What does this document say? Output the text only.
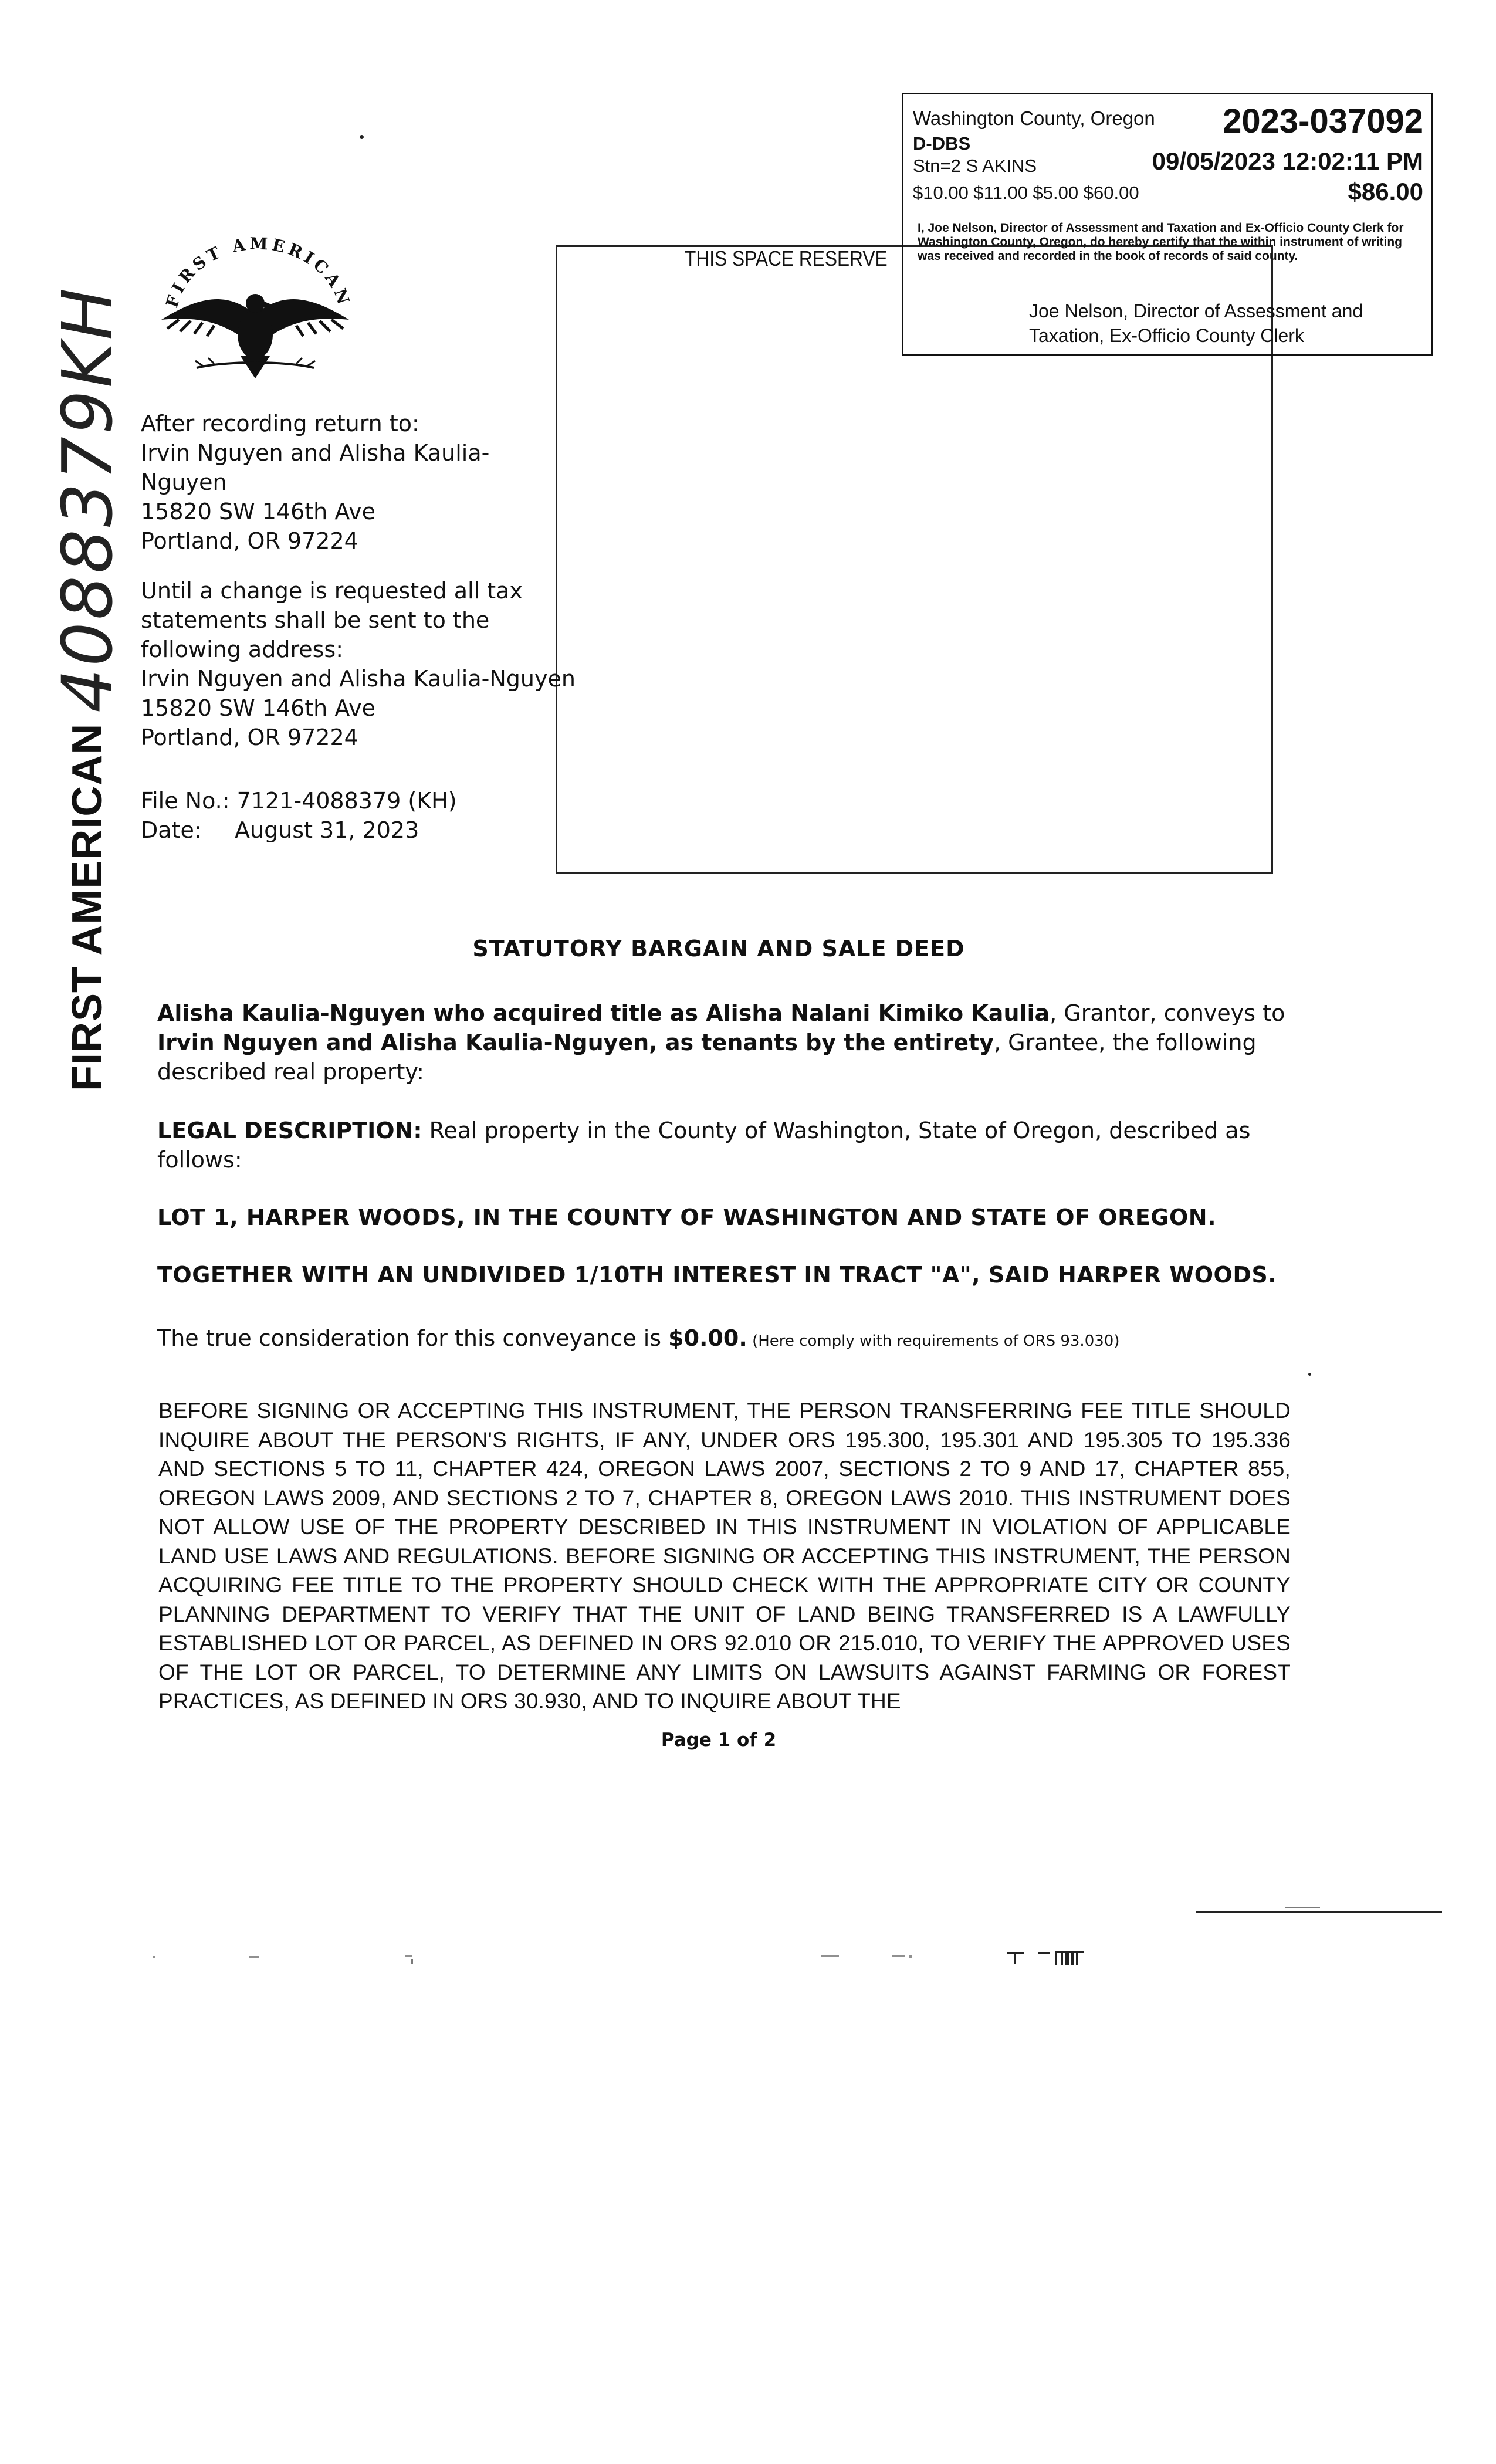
Washington County, Oregon 2023-037092
D-DBS
Stn=2 S AKINS	09/05/2023 12:02:11 PM
$10.00 $11.00 $5.00 $60.00	$86.00
I, Joe Nelson, Director of Assessment and Taxation and Ex-Officio County Clerk for Washington County, Oregon, do hereby certify that the within instrument of writing was received and recorded in the book of records of said county.
Joe Nelson, Director of Assessment and
Taxation, Ex-Officio County Clerk
THIS SPACE RESERVE
FIRST AMERICAN
FIRST AMERICAN4088379KH After recording return to:
Irvin Nguyen and Alisha Kaulia-
Nguyen
15820 SW 146th Ave
Portland, OR 97224
Until a change is requested all tax
statements shall be sent to the
following address:
Irvin Nguyen and Alisha Kaulia-Nguyen
15820 SW 146th Ave
Portland, OR 97224
File No.: 7121-4088379 (KH)
Date: August 31, 2023
STATUTORY BARGAIN AND SALE DEED
Alisha Kaulia-Nguyen who acquired title as Alisha Nalani Kimiko Kaulia, Grantor, conveys to Irvin Nguyen and Alisha Kaulia-Nguyen, as tenants by the entirety, Grantee, the following described real property:
LEGAL DESCRIPTION: Real property in the County of Washington, State of Oregon, described as follows:
LOT 1, HARPER WOODS, IN THE COUNTY OF WASHINGTON AND STATE OF OREGON.
TOGETHER WITH AN UNDIVIDED 1/10TH INTEREST IN TRACT "A", SAID HARPER WOODS.
The true consideration for this conveyance is $0.00. (Here comply with requirements of ORS 93.030)
BEFORE SIGNING OR ACCEPTING THIS INSTRUMENT, THE PERSON TRANSFERRING FEE TITLE SHOULD INQUIRE ABOUT THE PERSON'S RIGHTS, IF ANY, UNDER ORS 195.300, 195.301 AND 195.305 TO 195.336 AND SECTIONS 5 TO 11, CHAPTER 424, OREGON LAWS 2007, SECTIONS 2 TO 9 AND 17, CHAPTER 855, OREGON LAWS 2009, AND SECTIONS 2 TO 7, CHAPTER 8, OREGON LAWS 2010. THIS INSTRUMENT DOES NOT ALLOW USE OF THE PROPERTY DESCRIBED IN THIS INSTRUMENT IN VIOLATION OF APPLICABLE LAND USE LAWS AND REGULATIONS. BEFORE SIGNING OR ACCEPTING THIS INSTRUMENT, THE PERSON ACQUIRING FEE TITLE TO THE PROPERTY SHOULD CHECK WITH THE APPROPRIATE CITY OR COUNTY PLANNING DEPARTMENT TO VERIFY THAT THE UNIT OF LAND BEING TRANSFERRED IS A LAWFULLY ESTABLISHED LOT OR PARCEL, AS DEFINED IN ORS 92.010 OR 215.010, TO VERIFY THE APPROVED USES OF THE LOT OR PARCEL, TO DETERMINE ANY LIMITS ON LAWSUITS AGAINST FARMING OR FOREST PRACTICES, AS DEFINED IN ORS 30.930, AND TO INQUIRE ABOUT THE
Page 1 of 2
